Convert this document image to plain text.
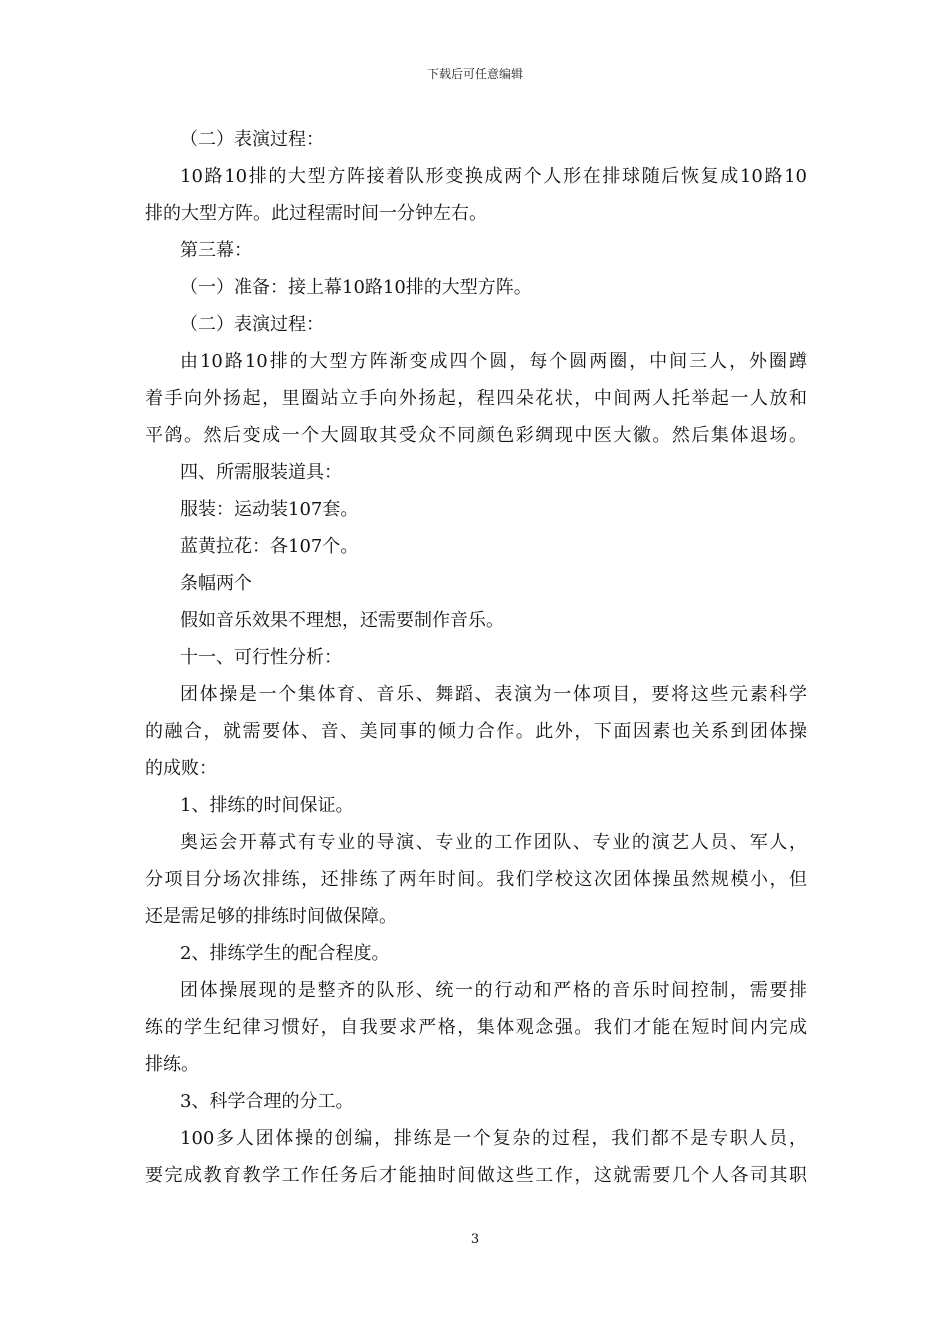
下载后可任意编辑
（二）表演过程：
10路10排的大型方阵接着队形变换成两个人形在排球随后恢复成10路10
排的大型方阵。此过程需时间一分钟左右。
第三幕：
（一）准备：接上幕10路10排的大型方阵。
（二）表演过程：
由10路10排的大型方阵渐变成四个圆，每个圆两圈，中间三人，外圈蹲
着手向外扬起，里圈站立手向外扬起，程四朵花状，中间两人托举起一人放和
平鸽。然后变成一个大圆取其受众不同颜色彩绸现中医大徽。然后集体退场。
四、所需服装道具：
服装：运动装107套。
蓝黄拉花：各107个。
条幅两个
假如音乐效果不理想，还需要制作音乐。
十一、可行性分析：
团体操是一个集体育、音乐、舞蹈、表演为一体项目，要将这些元素科学
的融合，就需要体、音、美同事的倾力合作。此外，下面因素也关系到团体操
的成败：
1、排练的时间保证。
奥运会开幕式有专业的导演、专业的工作团队、专业的演艺人员、军人，
分项目分场次排练，还排练了两年时间。我们学校这次团体操虽然规模小，但
还是需足够的排练时间做保障。
2、排练学生的配合程度。
团体操展现的是整齐的队形、统一的行动和严格的音乐时间控制，需要排
练的学生纪律习惯好，自我要求严格，集体观念强。我们才能在短时间内完成
排练。
3、科学合理的分工。
100多人团体操的创编，排练是一个复杂的过程，我们都不是专职人员，
要完成教育教学工作任务后才能抽时间做这些工作，这就需要几个人各司其职
3
